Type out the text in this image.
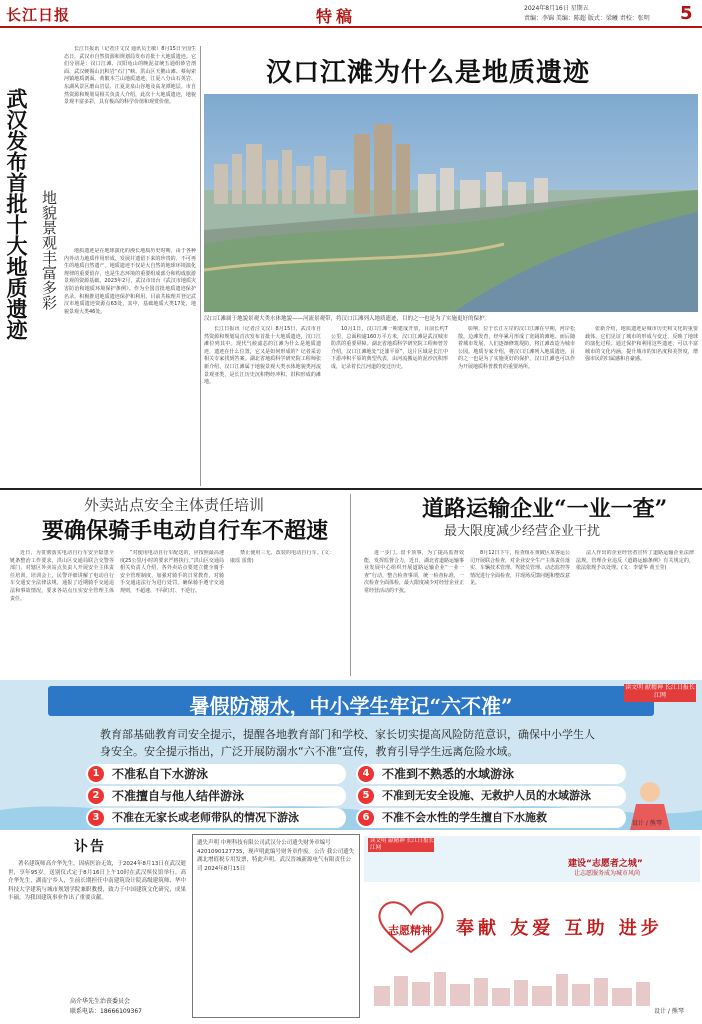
长江日报	特稿	2024年8月16日 星期五
责编：李锦 美编：陈超 版式：梁曦 责校：张明 5
武汉发布首批十大地质遗迹 地貌景观丰富多彩

长江日报讯（记者汪文汉 通讯员王敏）8月15日全国生态日，武汉市自然资源和规划局发布首批十大地质遗迹。它们分别是：汉口江滩、汉阳龟山的晚泥盆统五通组砂岩剖面、武汉硬锡山沉积岩“石门”峡、洪山区天鹅山滩、蔡甸索河镇地质剖面、黄陂木兰山地质遗迹、江夏八分山石英岩、东湖风景区磨山岩层、江夏龙泉山谷地及高龙潭地层。市自然资源和规划局相关负责人介绍，此次十大地质遗迹，地貌景观丰富多彩，具有极高的科学价值和观赏价值。

地质遗迹是在地球演化的漫长地质历史时期，由于各种内外动力地质作用形成、发展并遗留下来的珍贵的、不可再生的地质自然遗产。地质遗迹不仅是大自然的地球环境演化规律的重要留存，也是生态环境的重要组成部分和构成旅游景观的资源基础。2023年2月，武汉市出台《武汉市地质灾害防治和地质环境保护条例》。作为全国首批地质遗迹保护名录，积极推进地质遗迹保护和利用，目前共梳理并登记武汉市地质遗迹资源点63处，其中，基础地质大类17处，地貌景观大类46处。

汉口江滩为什么是地质遗迹
汉口江滩属于地貌景观大类水体地貌——河流景观带，将汉口江滩列入地质遗迹，目的之一也是为了实施更好的保护。

长江日报讯（记者汪文汉）8月15日，武汉市自然资源和规划局首次发布首批十大地质遗迹，汉口江滩位列其中。现代气候滤芯的江滩为什么是地质遗迹，遗迹在什么位置，它又是如何形成的？记者采访相关专家找到答案。湖北省地质科学研究院工程师张新介绍，汉口江滩属于地貌景观大类水体地貌类河流景观亚类，是长江历史沉积物经冲积、洪积形成的滩地。

10月1日，汉口江滩一期建成开放，目前长约7公里，总面积逾160万平方米，汉口江滩是武汉城市防洪的重要屏障。湖北省地质科学研究院工程师曾芳介绍，汉口江滩地处“泛滥平原”，这片区域是长江中下游冲积平原的典型代表，由河流搬运的泥沙沉积形成，记录着长江河道的变迁历史。

影响，位于长江左岸的汉口江滩在早期，河岸松散，边滩发育，经年累月形成了宽阔的滩地。而后随着城市发展，人们逐渐修筑堤防，将江滩改造为城市公园。地质专家介绍，将汉口江滩列入地质遗迹，目的之一也是为了实施更好的保护，汉口江滩也可以作为开展地质科普教育的重要场所。

张新介绍，地质遗迹是城市历史和文化的重要载体，它们见证了城市的形成与变迁，反映了地球的演化过程。通过保护和利用这些遗迹，可以丰富城市的文化内涵，提升城市的知名度和美誉度，增强市民的归属感和自豪感。

外卖站点安全主体责任培训
要确保骑手电动自行车不超速

近日，为贯彻落实电动自行车安全隐患全链条整治工作要求，洪山区交通局联合交警等部门，对辖区外卖站点负责人开展安全主体责任培训。培训会上，民警详细讲解了电动自行车交通安全法律法规，通报了近期骑手交通违法和事故情况，要求各站点压实安全管理主体责任。

“对使用电动自行车配送的，应按照最高速度25公里/小时的要求严格执行。”洪山区交通局相关负责人介绍，各外卖站点要建立健全骑手安全管理制度，加强对骑手的日常教育，对骑手交通违法行为进行处罚，确保骑手遵守交通规则，不超速、不闯红灯、不逆行。

禁止使用三无、改装的电动自行车。(文：康瑶 雷蕾)

道路运输企业“一业一查”
最大限度减少经营企业干扰

进一步门，盘卡顶事，为了提高监督效能，发挥监督合力，近日，湖北省道路运输事业发展中心组织开展道路运输企业“一业一查”行动，整合检查事项，统一检查标准，一次检查全面体检，最大限度减少对经营企业正常经营活动的干扰。

8月12日下午，检查组在黄陂区某客运公司开展联合检查，对企业安全生产主体责任落实、车辆技术管理、驾驶员管理、动态监控等情况进行全面检查，并现场反馈问题和整改意见。

法人作出的企业经营者宣传了道路运输企业法律法规。管理企业违反《道路运输条例》有关规定的，依法依规予以处理。(文：李蒙华 黄玉莹)

暑假防溺水，中小学生牢记“六不准”
读文明 献精神 长江日报长江网
教育部基础教育司安全提示，提醒各地教育部门和学校、家长切实提高风险防范意识，确保中小学生人身安全。安全提示指出，广泛开展防溺水“六不准”宣传，教育引导学生远离危险水域。
1	不准私自下水游泳
2	不准擅自与他人结伴游泳
3	不准在无家长或老师带队的情况下游泳
4	不准到不熟悉的水域游泳
5	不准到无安全设施、无救护人员的水域游泳
6	不准不会水性的学生擅自下水施救	设计 / 熊琴
讣告

著名建筑师高介华先生，因病医治无效，于2024年8月13日在武汉逝世，享年95岁。送别仪式定于8月16日上午10时在武汉殡仪馆举行。高介华先生，湖南宁乡人，生前长期担任中南建筑设计院高级建筑师、华中科技大学建筑与城市规划学院兼职教授，致力于中国建筑文化研究，成果丰硕，为我国建筑事业作出了重要贡献。

高介华先生治丧委员会
联系电话：18666109367
遗失声明 中理科技有限公司武汉分公司遗失财务章编号4201090127735，现声明此编号财务章作废。公告 我公司遗失湖北增值税专用发票，特此声明。武汉晋城新源电气有限责任公司 2024年8月15日
读文明 献精神 长江日报长江网
建设“志愿者之城”
让志愿服务成为城市风尚
志愿精神 奉献 友爱 互助 进步
设计 / 熊琴
